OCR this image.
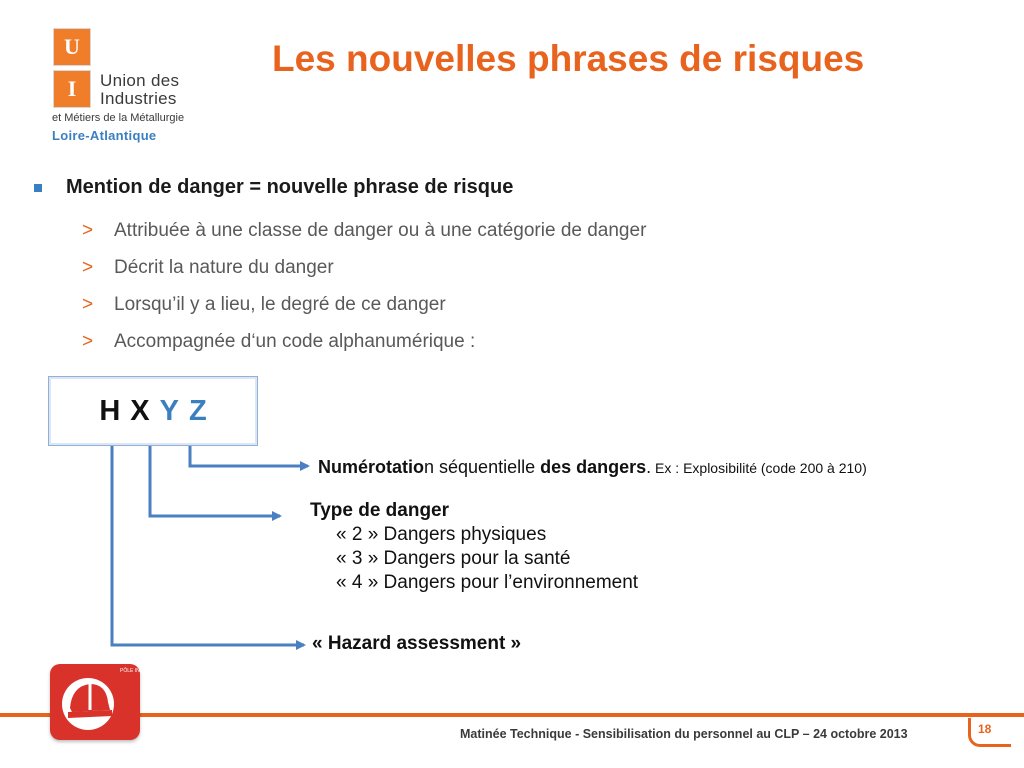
U
I	Union des
Industries
et Métiers de la Métallurgie
Loire-Atlantique
Les nouvelles phrases de risques
Mention de danger = nouvelle phrase de risque
>	Attribuée à une classe de danger ou à une catégorie de danger
>	Décrit la nature du danger
>	Lorsqu’il y a lieu, le degré de ce danger
>	Accompagnée d‘un code alphanumérique :
H X Y Z
Numérotation séquentielle des dangers. Ex : Explosibilité (code 200 à 210)
Type de danger
« 2 » Dangers physiques
« 3 » Dangers pour la santé
« 4 » Dangers pour l’environnement
« Hazard assessment »
PÔLE INDUSTRIEL HSE
Matinée Technique - Sensibilisation du personnel au CLP – 24 octobre 2013	18
